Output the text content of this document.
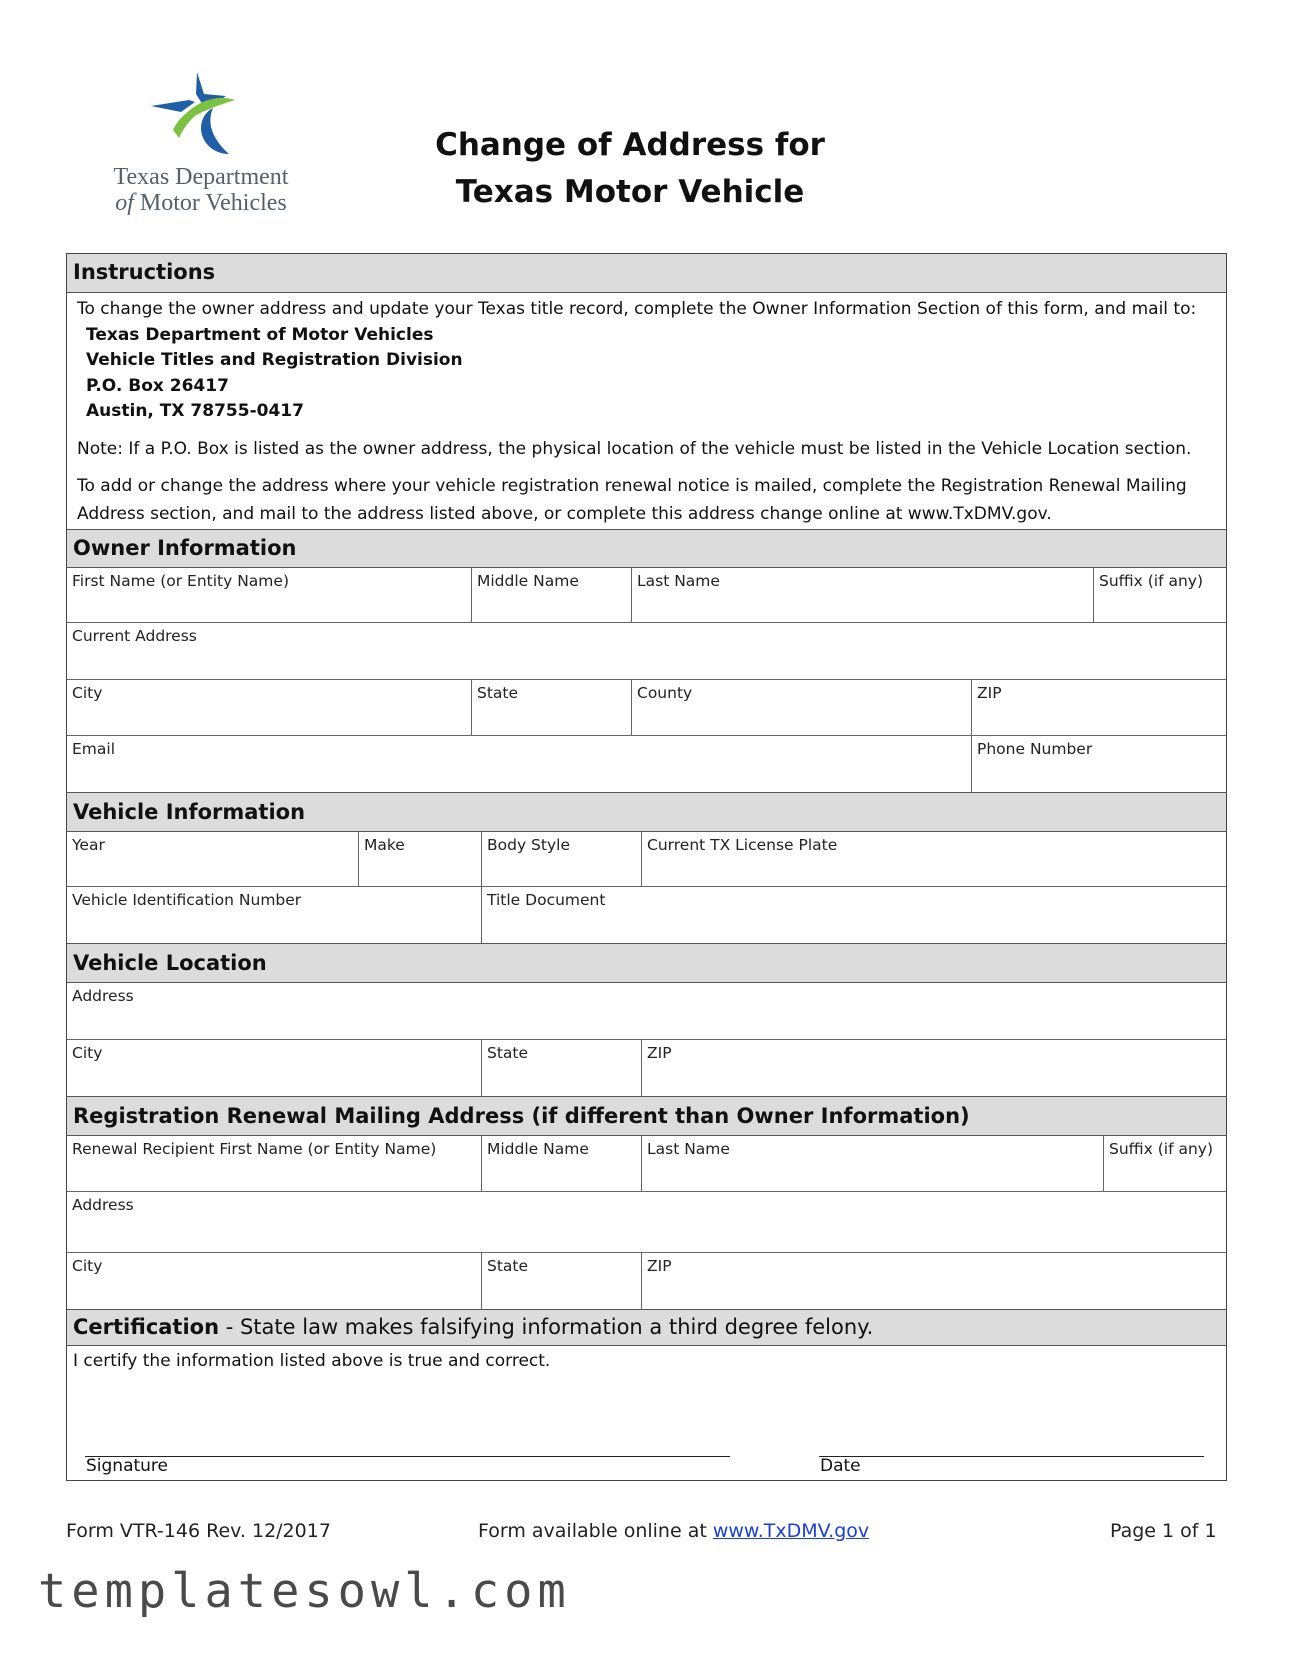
Texas Department
of Motor Vehicles
Change of Address for
Texas Motor Vehicle
Instructions

To change the owner address and update your Texas title record, complete the Owner Information Section of this form, and mail to:

Texas Department of Motor Vehicles
Vehicle Titles and Registration Division
P.O. Box 26417
Austin, TX 78755-0417

Note: If a P.O. Box is listed as the owner address, the physical location of the vehicle must be listed in the Vehicle Location section.

To add or change the address where your vehicle registration renewal notice is mailed, complete the Registration Renewal Mailing Address section, and mail to the address listed above, or complete this address change online at www.TxDMV.gov.

Owner Information
First Name (or Entity Name)	Middle Name	Last Name	Suffix (if any)
Current Address
City	State	County	ZIP
Email	Phone Number
Vehicle Information
Year	Make	Body Style	Current TX License Plate
Vehicle Identification Number	Title Document
Vehicle Location
Address
City	State	ZIP
Registration Renewal Mailing Address (if different than Owner Information)
Renewal Recipient First Name (or Entity Name)	Middle Name	Last Name	Suffix (if any)
Address
City	State	ZIP
Certification - State law makes falsifying information a third degree felony.
I certify the information listed above is true and correct.
Signature	Date
Form VTR-146 Rev. 12/2017	Form available online at www.TxDMV.gov	Page 1 of 1
templatesowl.com
